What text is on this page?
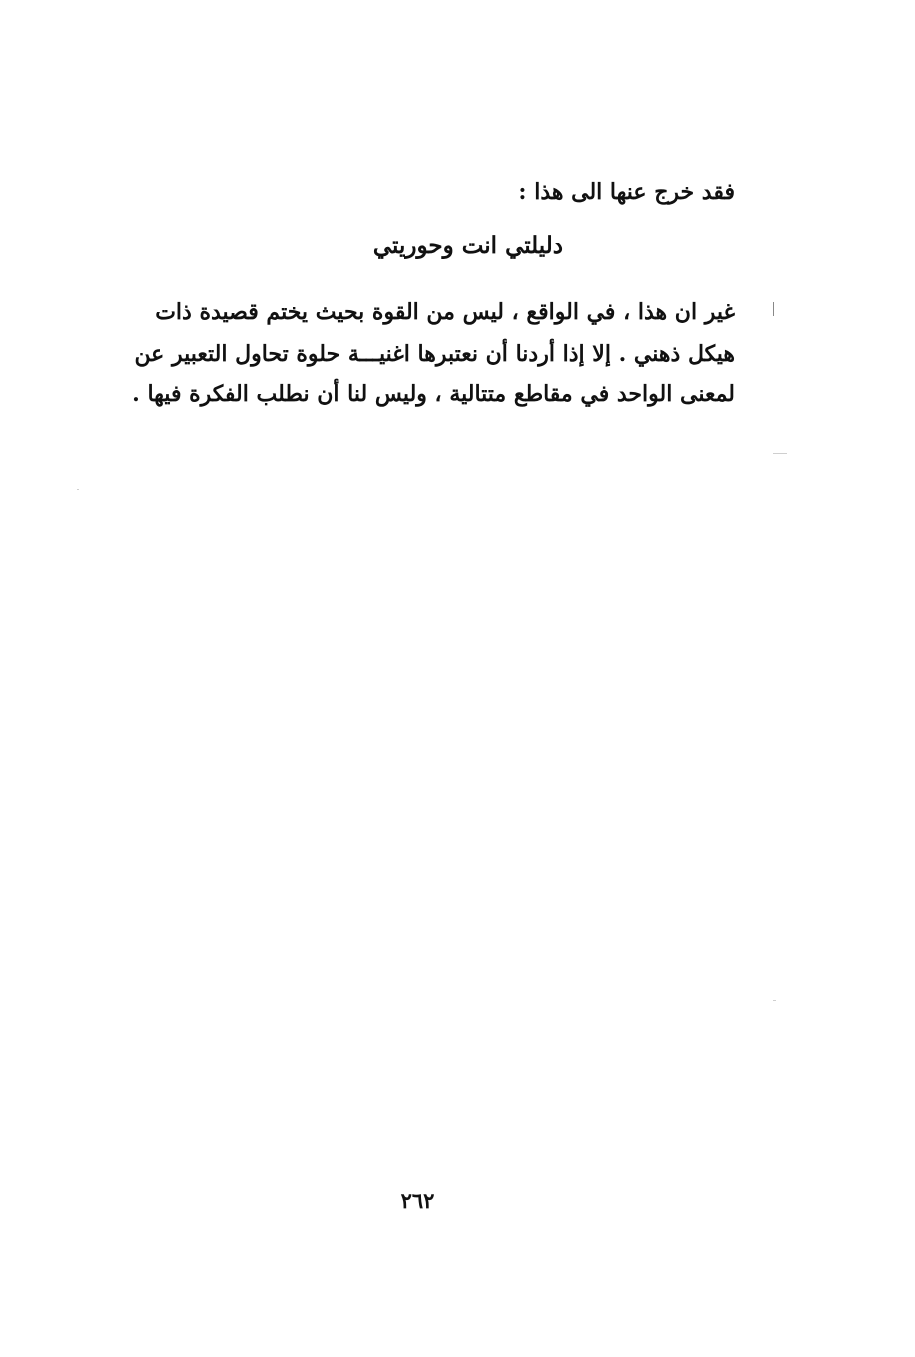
فقد خرج عنها الى هذا :
دليلتي انت وحوريتي
غير ان هذا ، في الواقع ، ليس من القوة بحيث يختم قصيدة ذات
هيكل ذهني . إلا إذا أردنا أن نعتبرها اغنيـــة حلوة تحاول التعبير عن
لمعنى الواحد في مقاطع متتالية ، وليس لنا أن نطلب الفكرة فيها .
٢٦٢
